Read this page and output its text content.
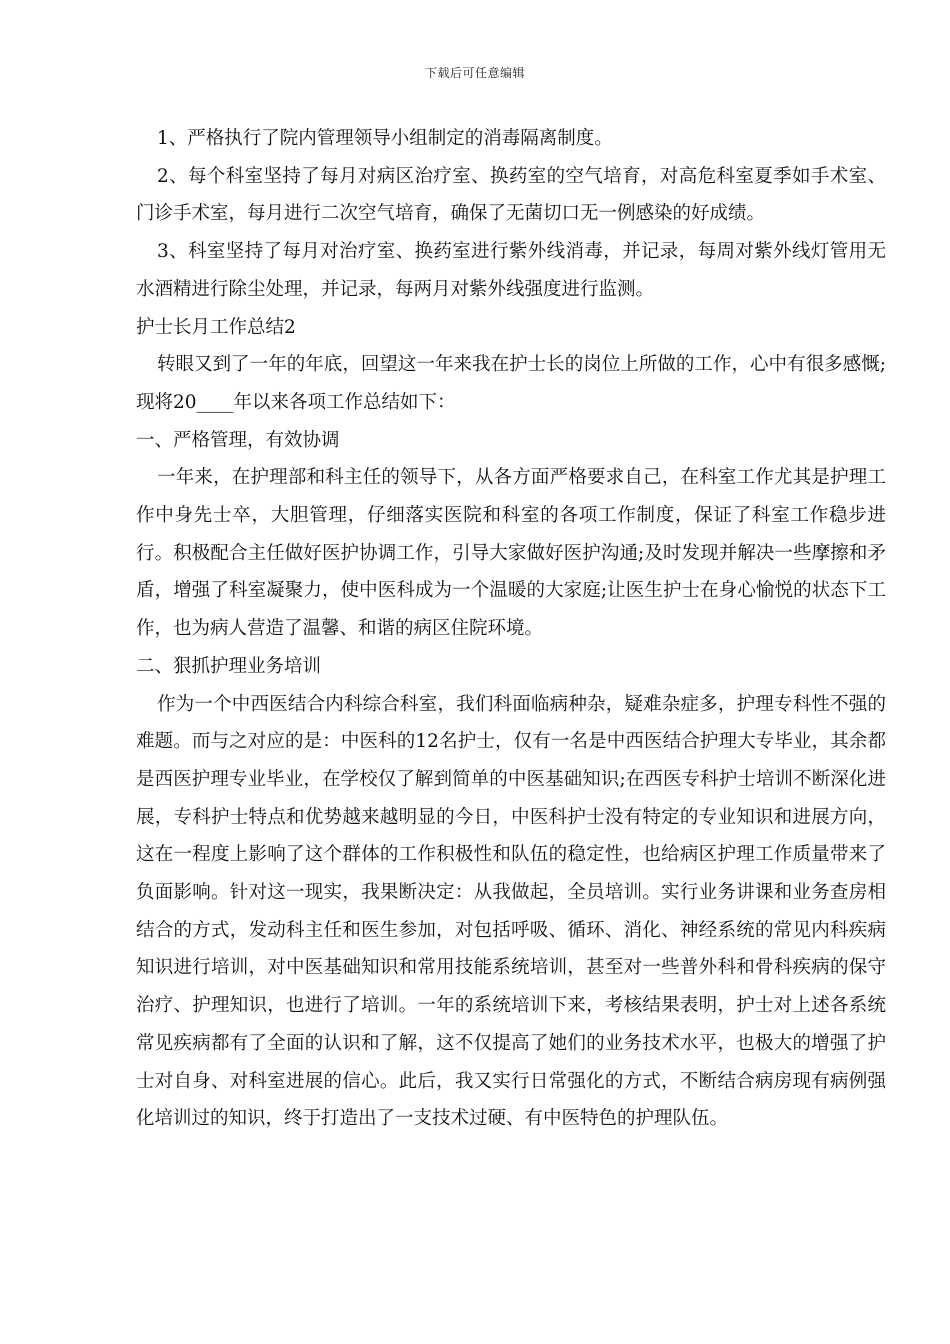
下载后可任意编辑

1、严格执行了院内管理领导小组制定的消毒隔离制度。

2、每个科室坚持了每月对病区治疗室、换药室的空气培育，对高危科室夏季如手术室、门诊手术室，每月进行二次空气培育，确保了无菌切口无一例感染的好成绩。

3、科室坚持了每月对治疗室、换药室进行紫外线消毒，并记录，每周对紫外线灯管用无水酒精进行除尘处理，并记录，每两月对紫外线强度进行监测。

护士长月工作总结2

转眼又到了一年的年底，回望这一年来我在护士长的岗位上所做的工作，心中有很多感慨;现将20____年以来各项工作总结如下：

一、严格管理，有效协调

一年来，在护理部和科主任的领导下，从各方面严格要求自己，在科室工作尤其是护理工作中身先士卒，大胆管理，仔细落实医院和科室的各项工作制度，保证了科室工作稳步进行。积极配合主任做好医护协调工作，引导大家做好医护沟通;及时发现并解决一些摩擦和矛盾，增强了科室凝聚力，使中医科成为一个温暖的大家庭;让医生护士在身心愉悦的状态下工作，也为病人营造了温馨、和谐的病区住院环境。

二、狠抓护理业务培训

作为一个中西医结合内科综合科室，我们科面临病种杂，疑难杂症多，护理专科性不强的难题。而与之对应的是：中医科的12名护士，仅有一名是中西医结合护理大专毕业，其余都是西医护理专业毕业，在学校仅了解到简单的中医基础知识;在西医专科护士培训不断深化进展，专科护士特点和优势越来越明显的今日，中医科护士没有特定的专业知识和进展方向，这在一程度上影响了这个群体的工作积极性和队伍的稳定性，也给病区护理工作质量带来了负面影响。针对这一现实，我果断决定：从我做起，全员培训。实行业务讲课和业务查房相结合的方式，发动科主任和医生参加，对包括呼吸、循环、消化、神经系统的常见内科疾病知识进行培训，对中医基础知识和常用技能系统培训，甚至对一些普外科和骨科疾病的保守治疗、护理知识，也进行了培训。一年的系统培训下来，考核结果表明，护士对上述各系统常见疾病都有了全面的认识和了解，这不仅提高了她们的业务技术水平，也极大的增强了护士对自身、对科室进展的信心。此后，我又实行日常强化的方式，不断结合病房现有病例强化培训过的知识，终于打造出了一支技术过硬、有中医特色的护理队伍。
